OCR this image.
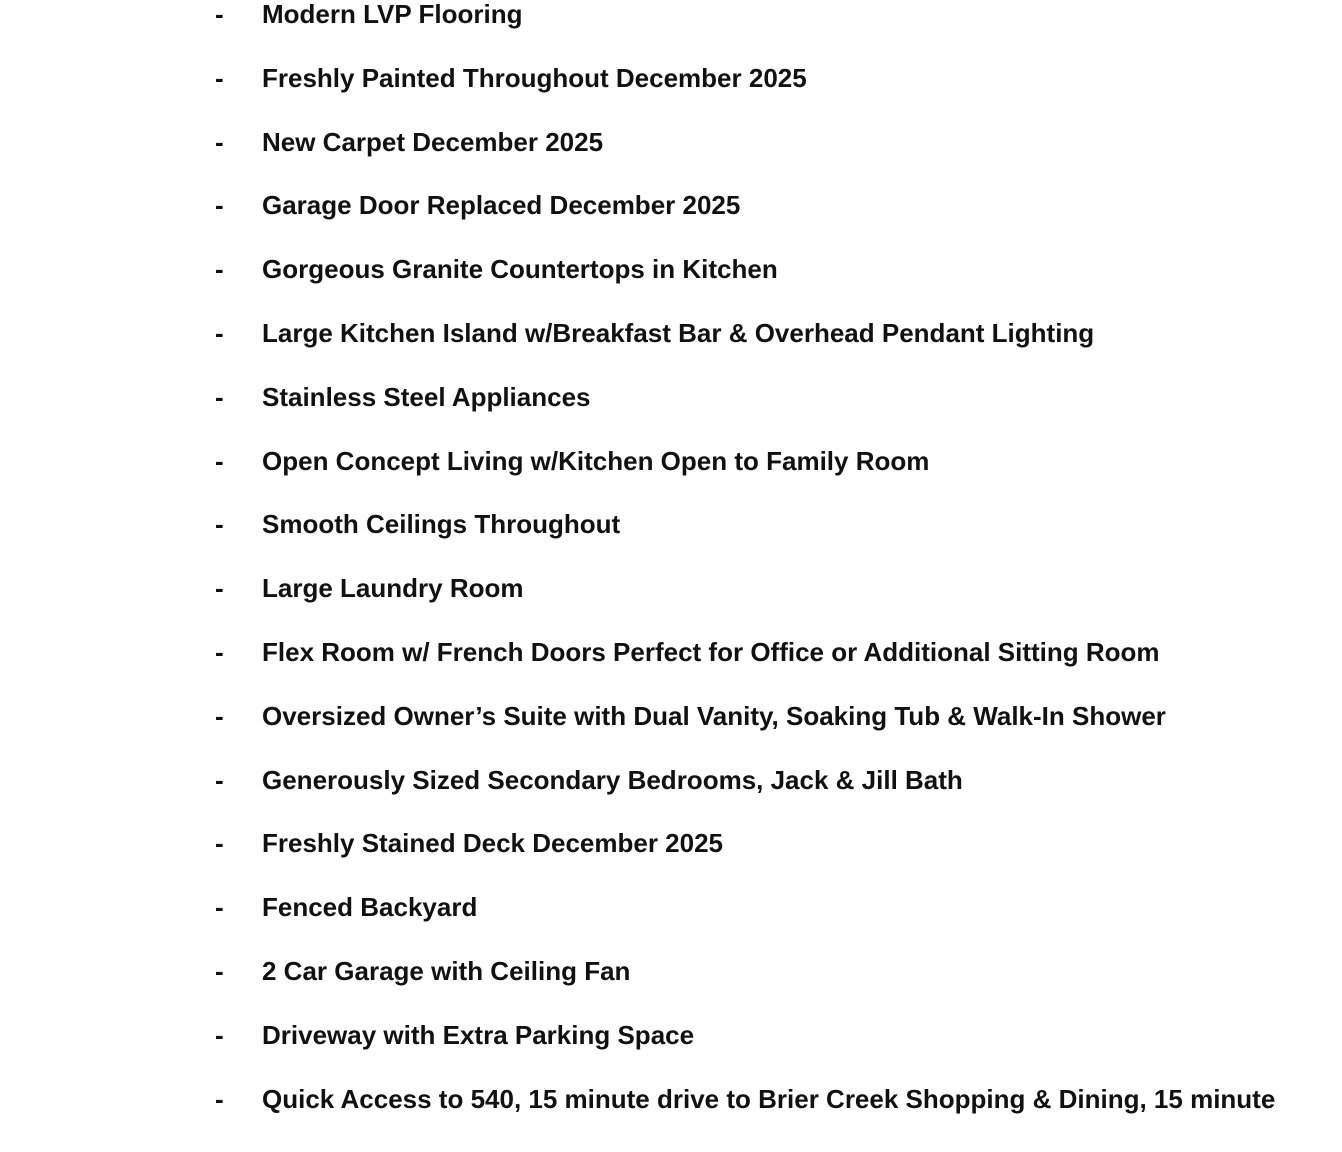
- Modern LVP Flooring
- Freshly Painted Throughout December 2025
- New Carpet December 2025
- Garage Door Replaced December 2025
- Gorgeous Granite Countertops in Kitchen
- Large Kitchen Island w/Breakfast Bar & Overhead Pendant Lighting
- Stainless Steel Appliances
- Open Concept Living w/Kitchen Open to Family Room
- Smooth Ceilings Throughout
- Large Laundry Room
- Flex Room w/ French Doors Perfect for Office or Additional Sitting Room
- Oversized Owner’s Suite with Dual Vanity, Soaking Tub & Walk-In Shower
- Generously Sized Secondary Bedrooms, Jack & Jill Bath
- Freshly Stained Deck December 2025
- Fenced Backyard
- 2 Car Garage with Ceiling Fan
- Driveway with Extra Parking Space
- Quick Access to 540, 15 minute drive to Brier Creek Shopping & Dining, 15 minute
